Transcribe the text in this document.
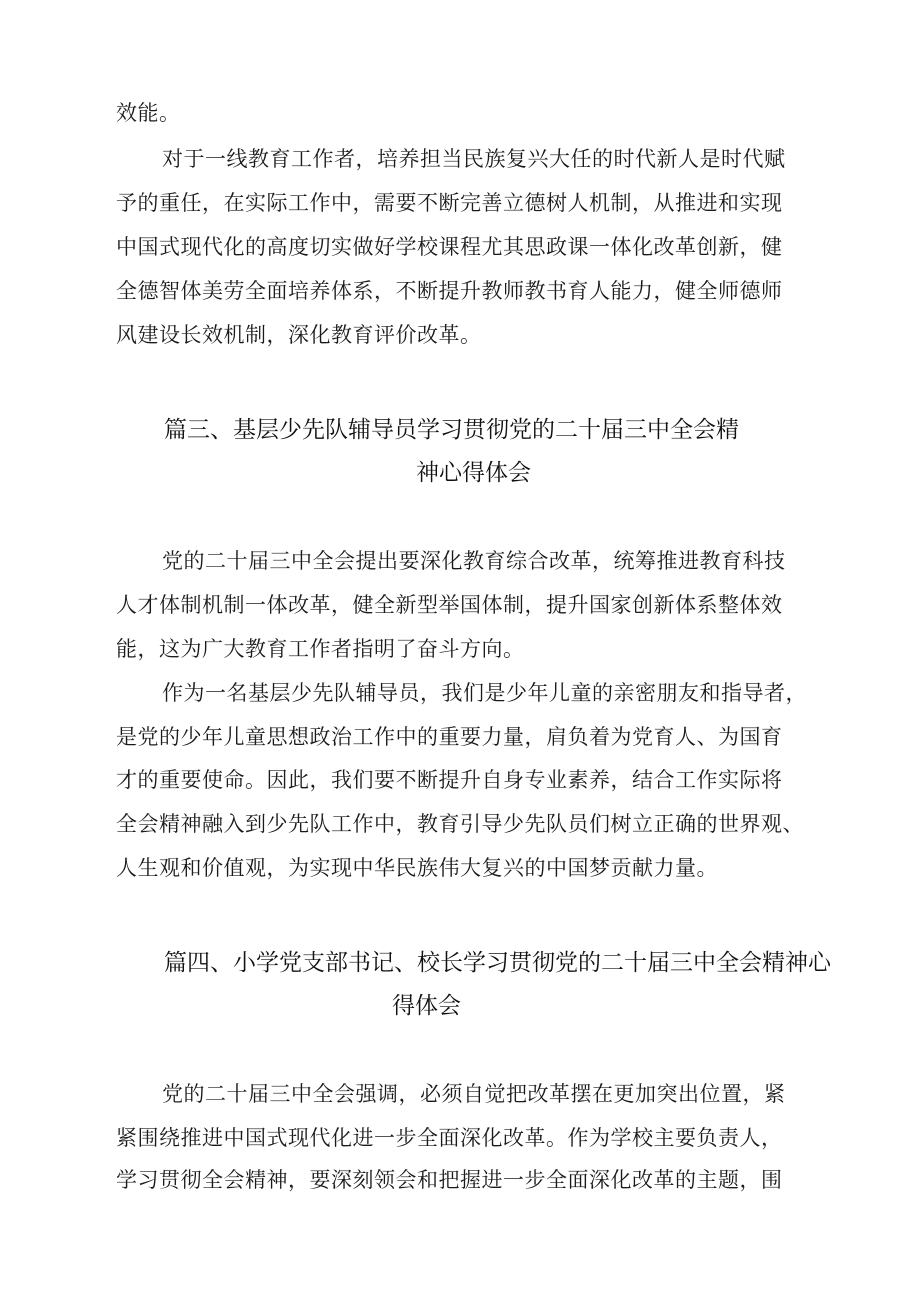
效能。
对于一线教育工作者，培养担当民族复兴大任的时代新人是时代赋
予的重任，在实际工作中，需要不断完善立德树人机制，从推进和实现
中国式现代化的高度切实做好学校课程尤其思政课一体化改革创新，健
全德智体美劳全面培养体系，不断提升教师教书育人能力，健全师德师
风建设长效机制，深化教育评价改革。
篇三、基层少先队辅导员学习贯彻党的二十届三中全会精
神心得体会
党的二十届三中全会提出要深化教育综合改革，统筹推进教育科技
人才体制机制一体改革，健全新型举国体制，提升国家创新体系整体效
能，这为广大教育工作者指明了奋斗方向。
作为一名基层少先队辅导员，我们是少年儿童的亲密朋友和指导者，
是党的少年儿童思想政治工作中的重要力量，肩负着为党育人、为国育
才的重要使命。因此，我们要不断提升自身专业素养，结合工作实际将
全会精神融入到少先队工作中，教育引导少先队员们树立正确的世界观、
人生观和价值观，为实现中华民族伟大复兴的中国梦贡献力量。
篇四、小学党支部书记、校长学习贯彻党的二十届三中全会精神心
得体会
党的二十届三中全会强调，必须自觉把改革摆在更加突出位置，紧
紧围绕推进中国式现代化进一步全面深化改革。作为学校主要负责人，
学习贯彻全会精神，要深刻领会和把握进一步全面深化改革的主题，围
